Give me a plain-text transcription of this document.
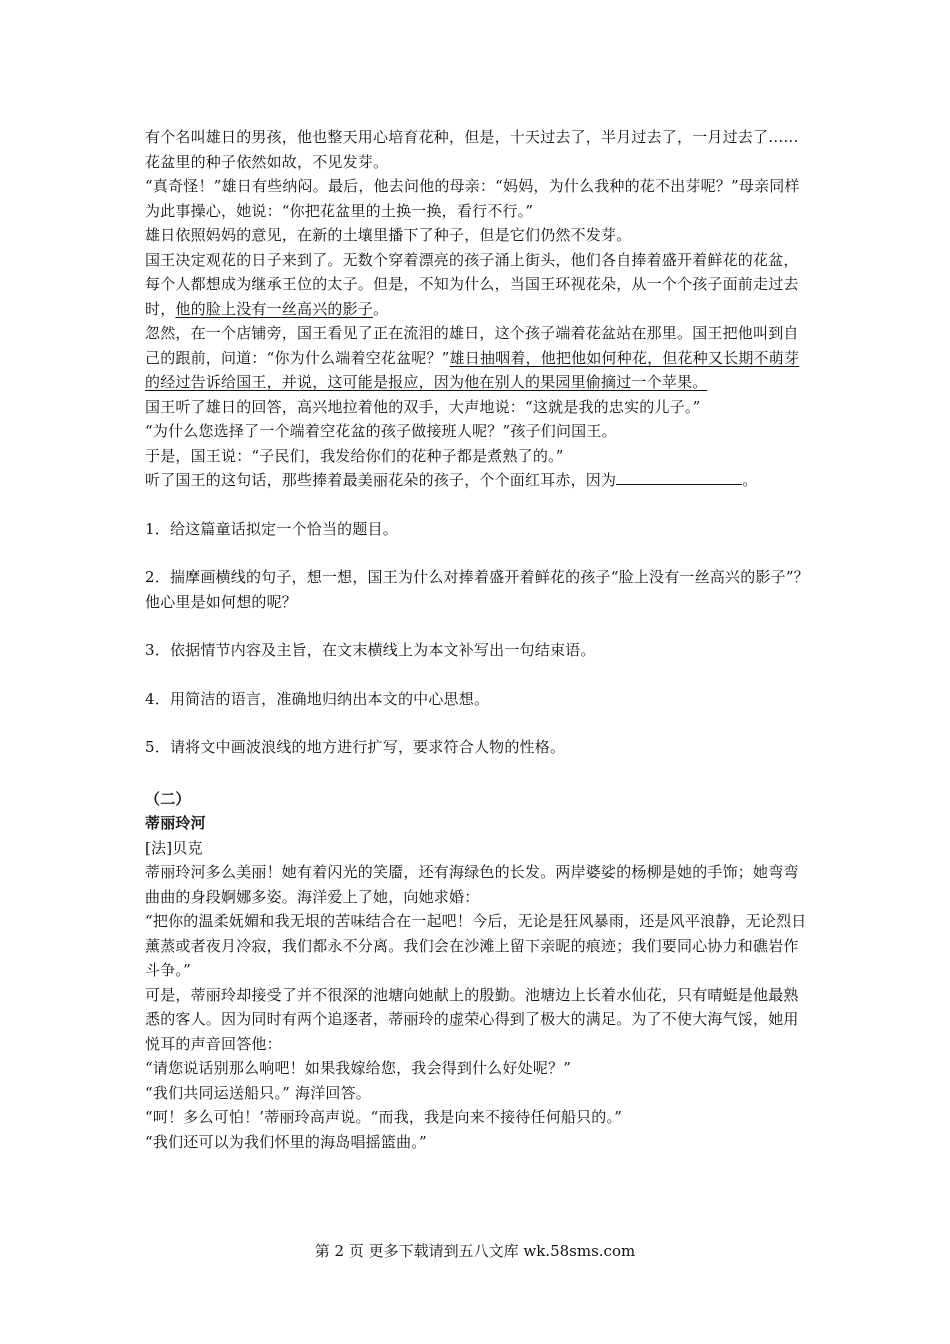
有个名叫雄日的男孩，他也整天用心培育花种，但是，十天过去了，半月过去了，一月过去了……花盆里的种子依然如故，不见发芽。

“真奇怪！”雄日有些纳闷。最后，他去问他的母亲：“妈妈，为什么我种的花不出芽呢？”母亲同样为此事操心，她说：“你把花盆里的土换一换，看行不行。”

雄日依照妈妈的意见，在新的土壤里播下了种子，但是它们仍然不发芽。

国王决定观花的日子来到了。无数个穿着漂亮的孩子涌上街头，他们各自捧着盛开着鲜花的花盆，每个人都想成为继承王位的太子。但是，不知为什么，当国王环视花朵，从一个个孩子面前走过去时，他的脸上没有一丝高兴的影子。

忽然，在一个店铺旁，国王看见了正在流泪的雄日，这个孩子端着花盆站在那里。国王把他叫到自己的跟前，问道：“你为什么端着空花盆呢？”雄日抽咽着，他把他如何种花，但花种又长期不萌芽的经过告诉给国王，并说，这可能是报应，因为他在别人的果园里偷摘过一个苹果。

国王听了雄日的回答，高兴地拉着他的双手，大声地说：“这就是我的忠实的儿子。”

“为什么您选择了一个端着空花盆的孩子做接班人呢？”孩子们问国王。

于是，国王说：“子民们，我发给你们的花种子都是煮熟了的。”

听了国王的这句话，那些捧着最美丽花朵的孩子，个个面红耳赤，因为	。

1．给这篇童话拟定一个恰当的题目。

2．揣摩画横线的句子，想一想，国王为什么对捧着盛开着鲜花的孩子“脸上没有一丝高兴的影子”？他心里是如何想的呢？

3．依据情节内容及主旨，在文末横线上为本文补写出一句结束语。

4．用简洁的语言，准确地归纳出本文的中心思想。

5．请将文中画波浪线的地方进行扩写，要求符合人物的性格。

（二）

蒂丽玲河

[法]贝克

蒂丽玲河多么美丽！她有着闪光的笑靥，还有海绿色的长发。两岸婆娑的杨柳是她的手饰；她弯弯曲曲的身段婀娜多姿。海洋爱上了她，向她求婚：

“把你的温柔妩媚和我无垠的苦味结合在一起吧！今后，无论是狂风暴雨，还是风平浪静，无论烈日薰蒸或者夜月冷寂，我们都永不分离。我们会在沙滩上留下亲昵的痕迹；我们要同心协力和礁岩作斗争。”

可是，蒂丽玲却接受了并不很深的池塘向她献上的殷勤。池塘边上长着水仙花，只有晴蜓是他最熟悉的客人。因为同时有两个追逐者，蒂丽玲的虚荣心得到了极大的满足。为了不使大海气馁，她用悦耳的声音回答他：

“请您说话别那么响吧！如果我嫁给您，我会得到什么好处呢？”

“我们共同运送船只。” 海洋回答。

“呵！多么可怕！’蒂丽玲高声说。“而我，我是向来不接待任何船只的。”

“我们还可以为我们怀里的海岛唱摇篮曲。”

第 2 页 更多下载请到五八文库 wk.58sms.com
